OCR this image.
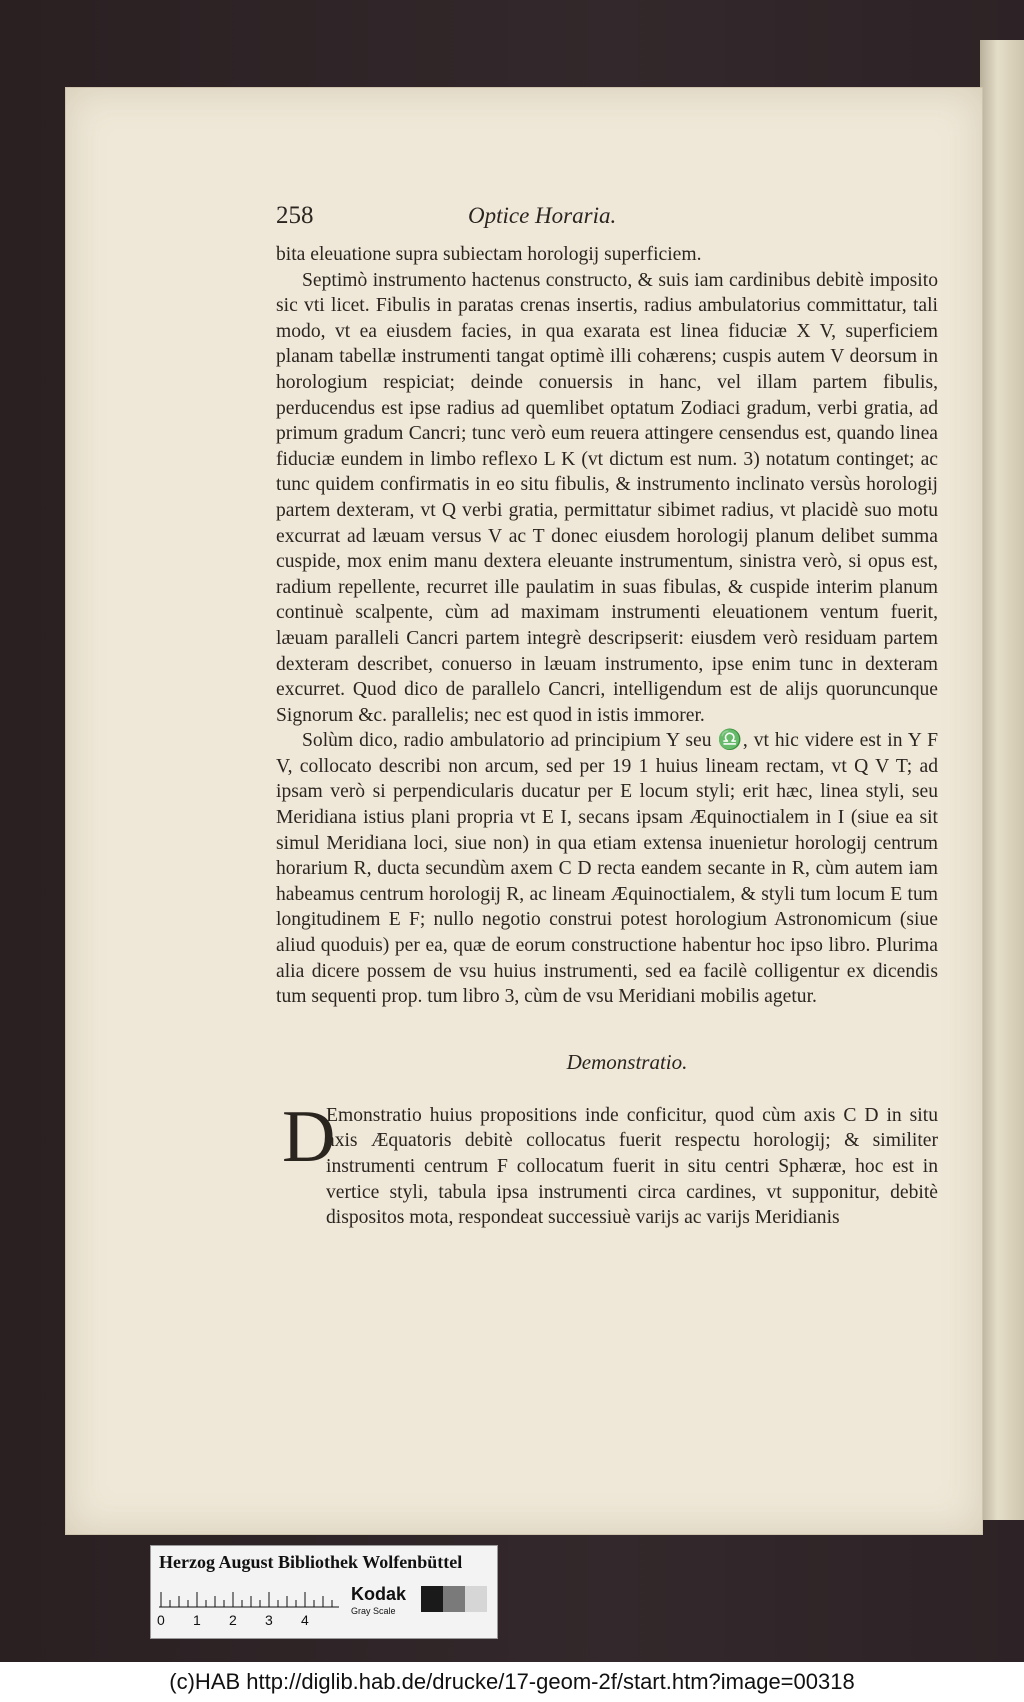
258	Optice Horaria.

bita eleuatione supra subiectam horologij superficiem.

Septimò instrumento hactenus constructo, & suis iam cardinibus debitè imposito sic vti licet. Fibulis in paratas crenas insertis, radius ambulatorius committatur, tali modo, vt ea eiusdem facies, in qua exarata est linea fiduciæ X V, superficiem planam tabellæ instrumenti tangat optimè illi cohærens; cuspis autem V deorsum in horologium respiciat; deinde conuersis in hanc, vel illam partem fibulis, perducendus est ipse radius ad quemlibet optatum Zodiaci gradum, verbi gratia, ad primum gradum Cancri; tunc verò eum reuera attingere censendus est, quando linea fiduciæ eundem in limbo reflexo L K (vt dictum est num. 3) notatum continget; ac tunc quidem confirmatis in eo situ fibulis, & instrumento inclinato versùs horologij partem dexteram, vt Q verbi gratia, permittatur sibimet radius, vt placidè suo motu excurrat ad læuam versus V ac T donec eiusdem horologij planum delibet summa cuspide, mox enim manu dextera eleuante instrumentum, sinistra verò, si opus est, radium repellente, recurret ille paulatim in suas fibulas, & cuspide interim planum continuè scalpente, cùm ad maximam instrumenti eleuationem ventum fuerit, læuam paralleli Cancri partem integrè descripserit: eiusdem verò residuam partem dexteram describet, conuerso in læuam instrumento, ipse enim tunc in dexteram excurret. Quod dico de parallelo Cancri, intelligendum est de alijs quoruncunque Signorum &c. parallelis; nec est quod in istis immorer.

Solùm dico, radio ambulatorio ad principium Y seu ♎, vt hic videre est in Y F V, collocato describi non arcum, sed per 19 1 huius lineam rectam, vt Q V T; ad ipsam verò si perpendicularis ducatur per E locum styli; erit hæc, linea styli, seu Meridiana istius plani propria vt E I, secans ipsam Æquinoctialem in I (siue ea sit simul Meridiana loci, siue non) in qua etiam extensa inuenietur horologij centrum horarium R, ducta secundùm axem C D recta eandem secante in R, cùm autem iam habeamus centrum horologij R, ac lineam Æquinoctialem, & styli tum locum E tum longitudinem E F; nullo negotio construi potest horologium Astronomicum (siue aliud quoduis) per ea, quæ de eorum constructione habentur hoc ipso libro. Plurima alia dicere possem de vsu huius instrumenti, sed ea facilè colligentur ex dicendis tum sequenti prop. tum libro 3, cùm de vsu Meridiani mobilis agetur.

Demonstratio.
D

Emonstratio huius propositions inde conficitur, quod cùm axis C D in situ axis Æquatoris debitè collocatus fuerit respectu horologij; & similiter instrumenti centrum F collocatum fuerit in situ centri Sphæræ, hoc est in vertice styli, tabula ipsa instrumenti circa cardines, vt supponitur, debitè dispositos mota, respondeat successiuè varijs ac varijs Meridianis

Herzog August Bibliothek Wolfenbüttel
0 1 2 3 4
Kodak
Gray Scale
(c)HAB http://diglib.hab.de/drucke/17-geom-2f/start.htm?image=00318
